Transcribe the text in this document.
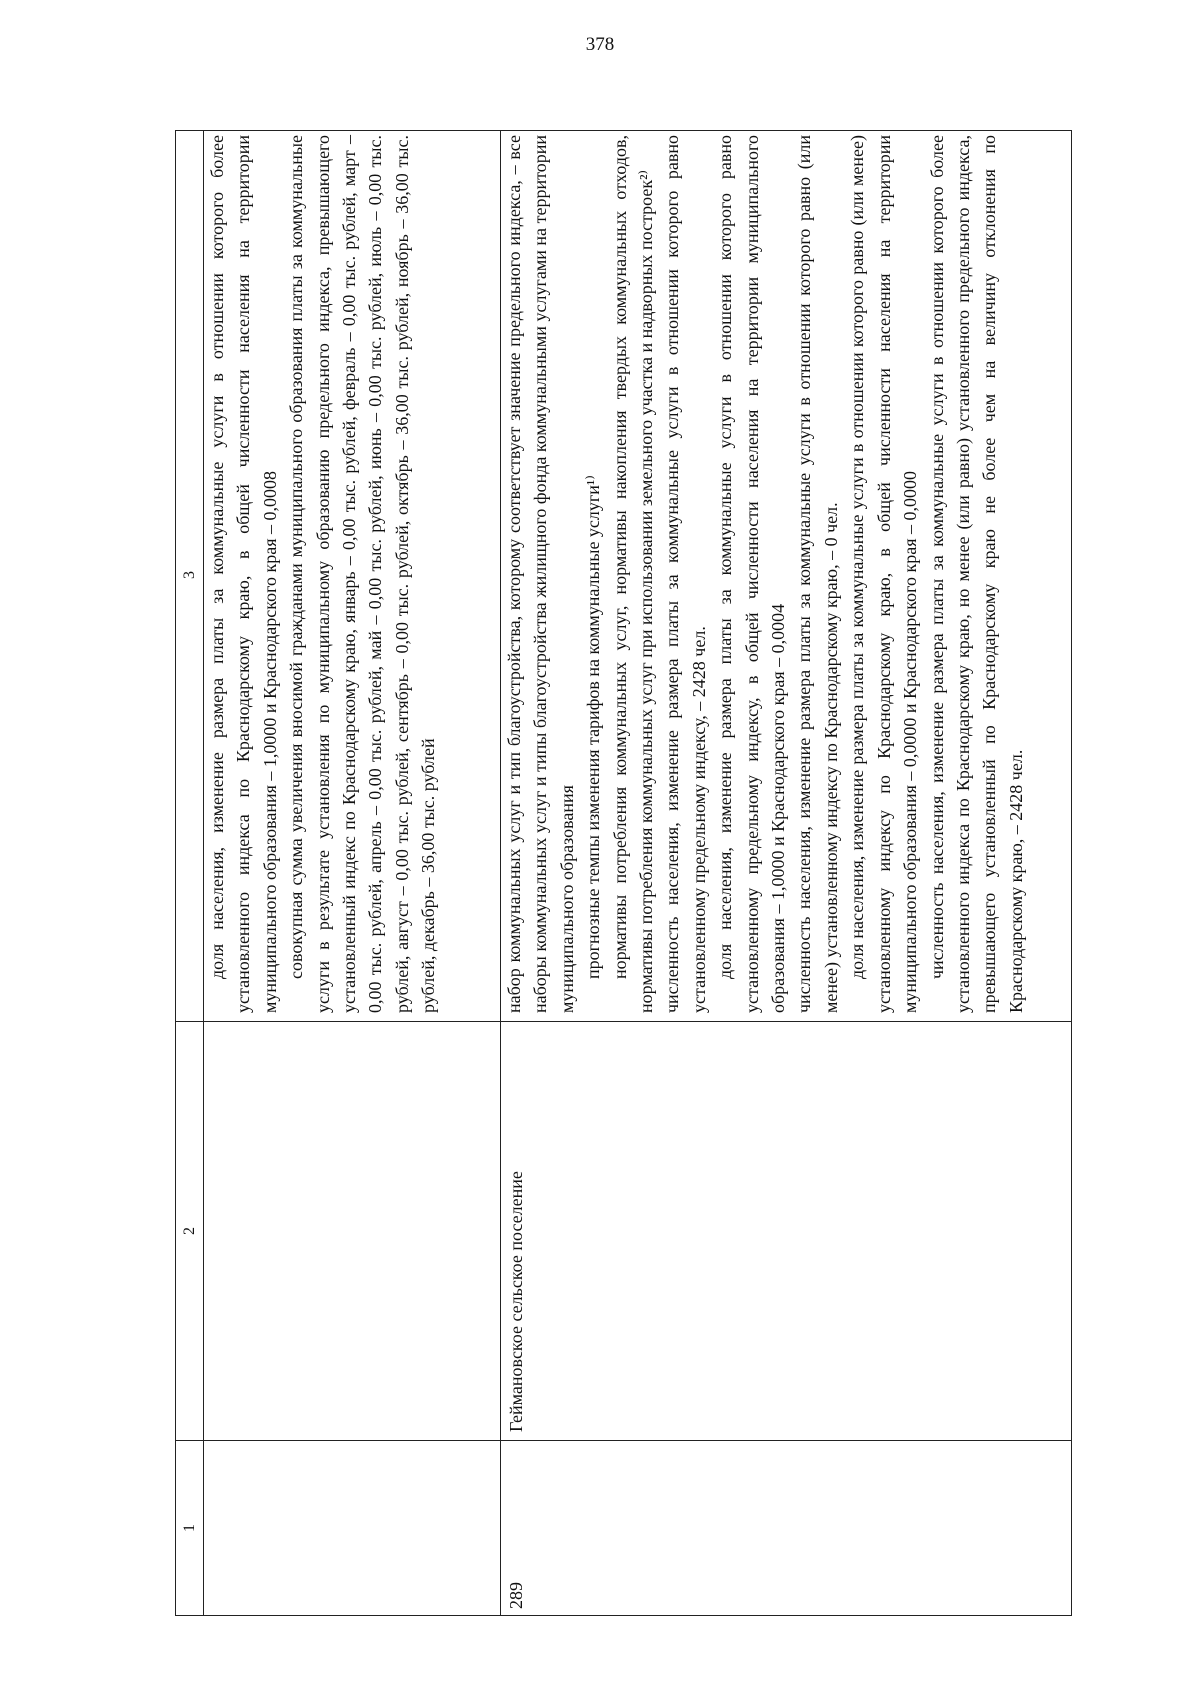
378
1
2
3 доля населения, изменение размера платы за коммунальные услуги в отношении которого более установленного индекса по Краснодарскому краю, в общей численности населения на территории муниципального образования – 1,0000 и Краснодарского края – 0,0008 совокупная сумма увеличения вносимой гражданами муниципального образования платы за коммунальные услуги в результате установления по муниципальному образованию предельного индекса, превышающего установленный индекс по Краснодарскому краю, январь – 0,00 тыс. рублей, февраль – 0,00 тыс. рублей, март – 0,00 тыс. рублей, апрель – 0,00 тыс. рублей, май – 0,00 тыс. рублей, июнь – 0,00 тыс. рублей, июль – 0,00 тыс. рублей, август – 0,00 тыс. рублей, сентябрь – 0,00 тыс. рублей, октябрь – 36,00 тыс. рублей, ноябрь – 36,00 тыс. рублей, декабрь – 36,00 тыс. рублей

289
Геймановское сельское поселение

набор коммунальных услуг и тип благоустройства, которому соответствует значение предельного индекса, – все наборы коммунальных услуг и типы благоустройства жилищного фонда коммунальными услугами на территории муниципального образования прогнозные темпы изменения тарифов на коммунальные услуги¹⁾ нормативы потребления коммунальных услуг, нормативы накопления твердых коммунальных отходов, нормативы потребления коммунальных услуг при использовании земельного участка и надворных построек²⁾ численность населения, изменение размера платы за коммунальные услуги в отношении которого равно установленному предельному индексу, – 2428 чел. доля населения, изменение размера платы за коммунальные услуги в отношении которого равно установленному предельному индексу, в общей численности населения на территории муниципального образования – 1,0000 и Краснодарского края – 0,0004 численность населения, изменение размера платы за коммунальные услуги в отношении которого равно (или менее) установленному индексу по Краснодарскому краю, – 0 чел. доля населения, изменение размера платы за коммунальные услуги в отношении которого равно (или менее) установленному индексу по Краснодарскому краю, в общей численности населения на территории муниципального образования – 0,0000 и Краснодарского края – 0,0000 численность населения, изменение размера платы за коммунальные услуги в отношении которого более установленного индекса по Краснодарскому краю, но менее (или равно) установленного предельного индекса, превышающего установленный по Краснодарскому краю не более чем на величину отклонения по Краснодарскому краю, – 2428 чел.
